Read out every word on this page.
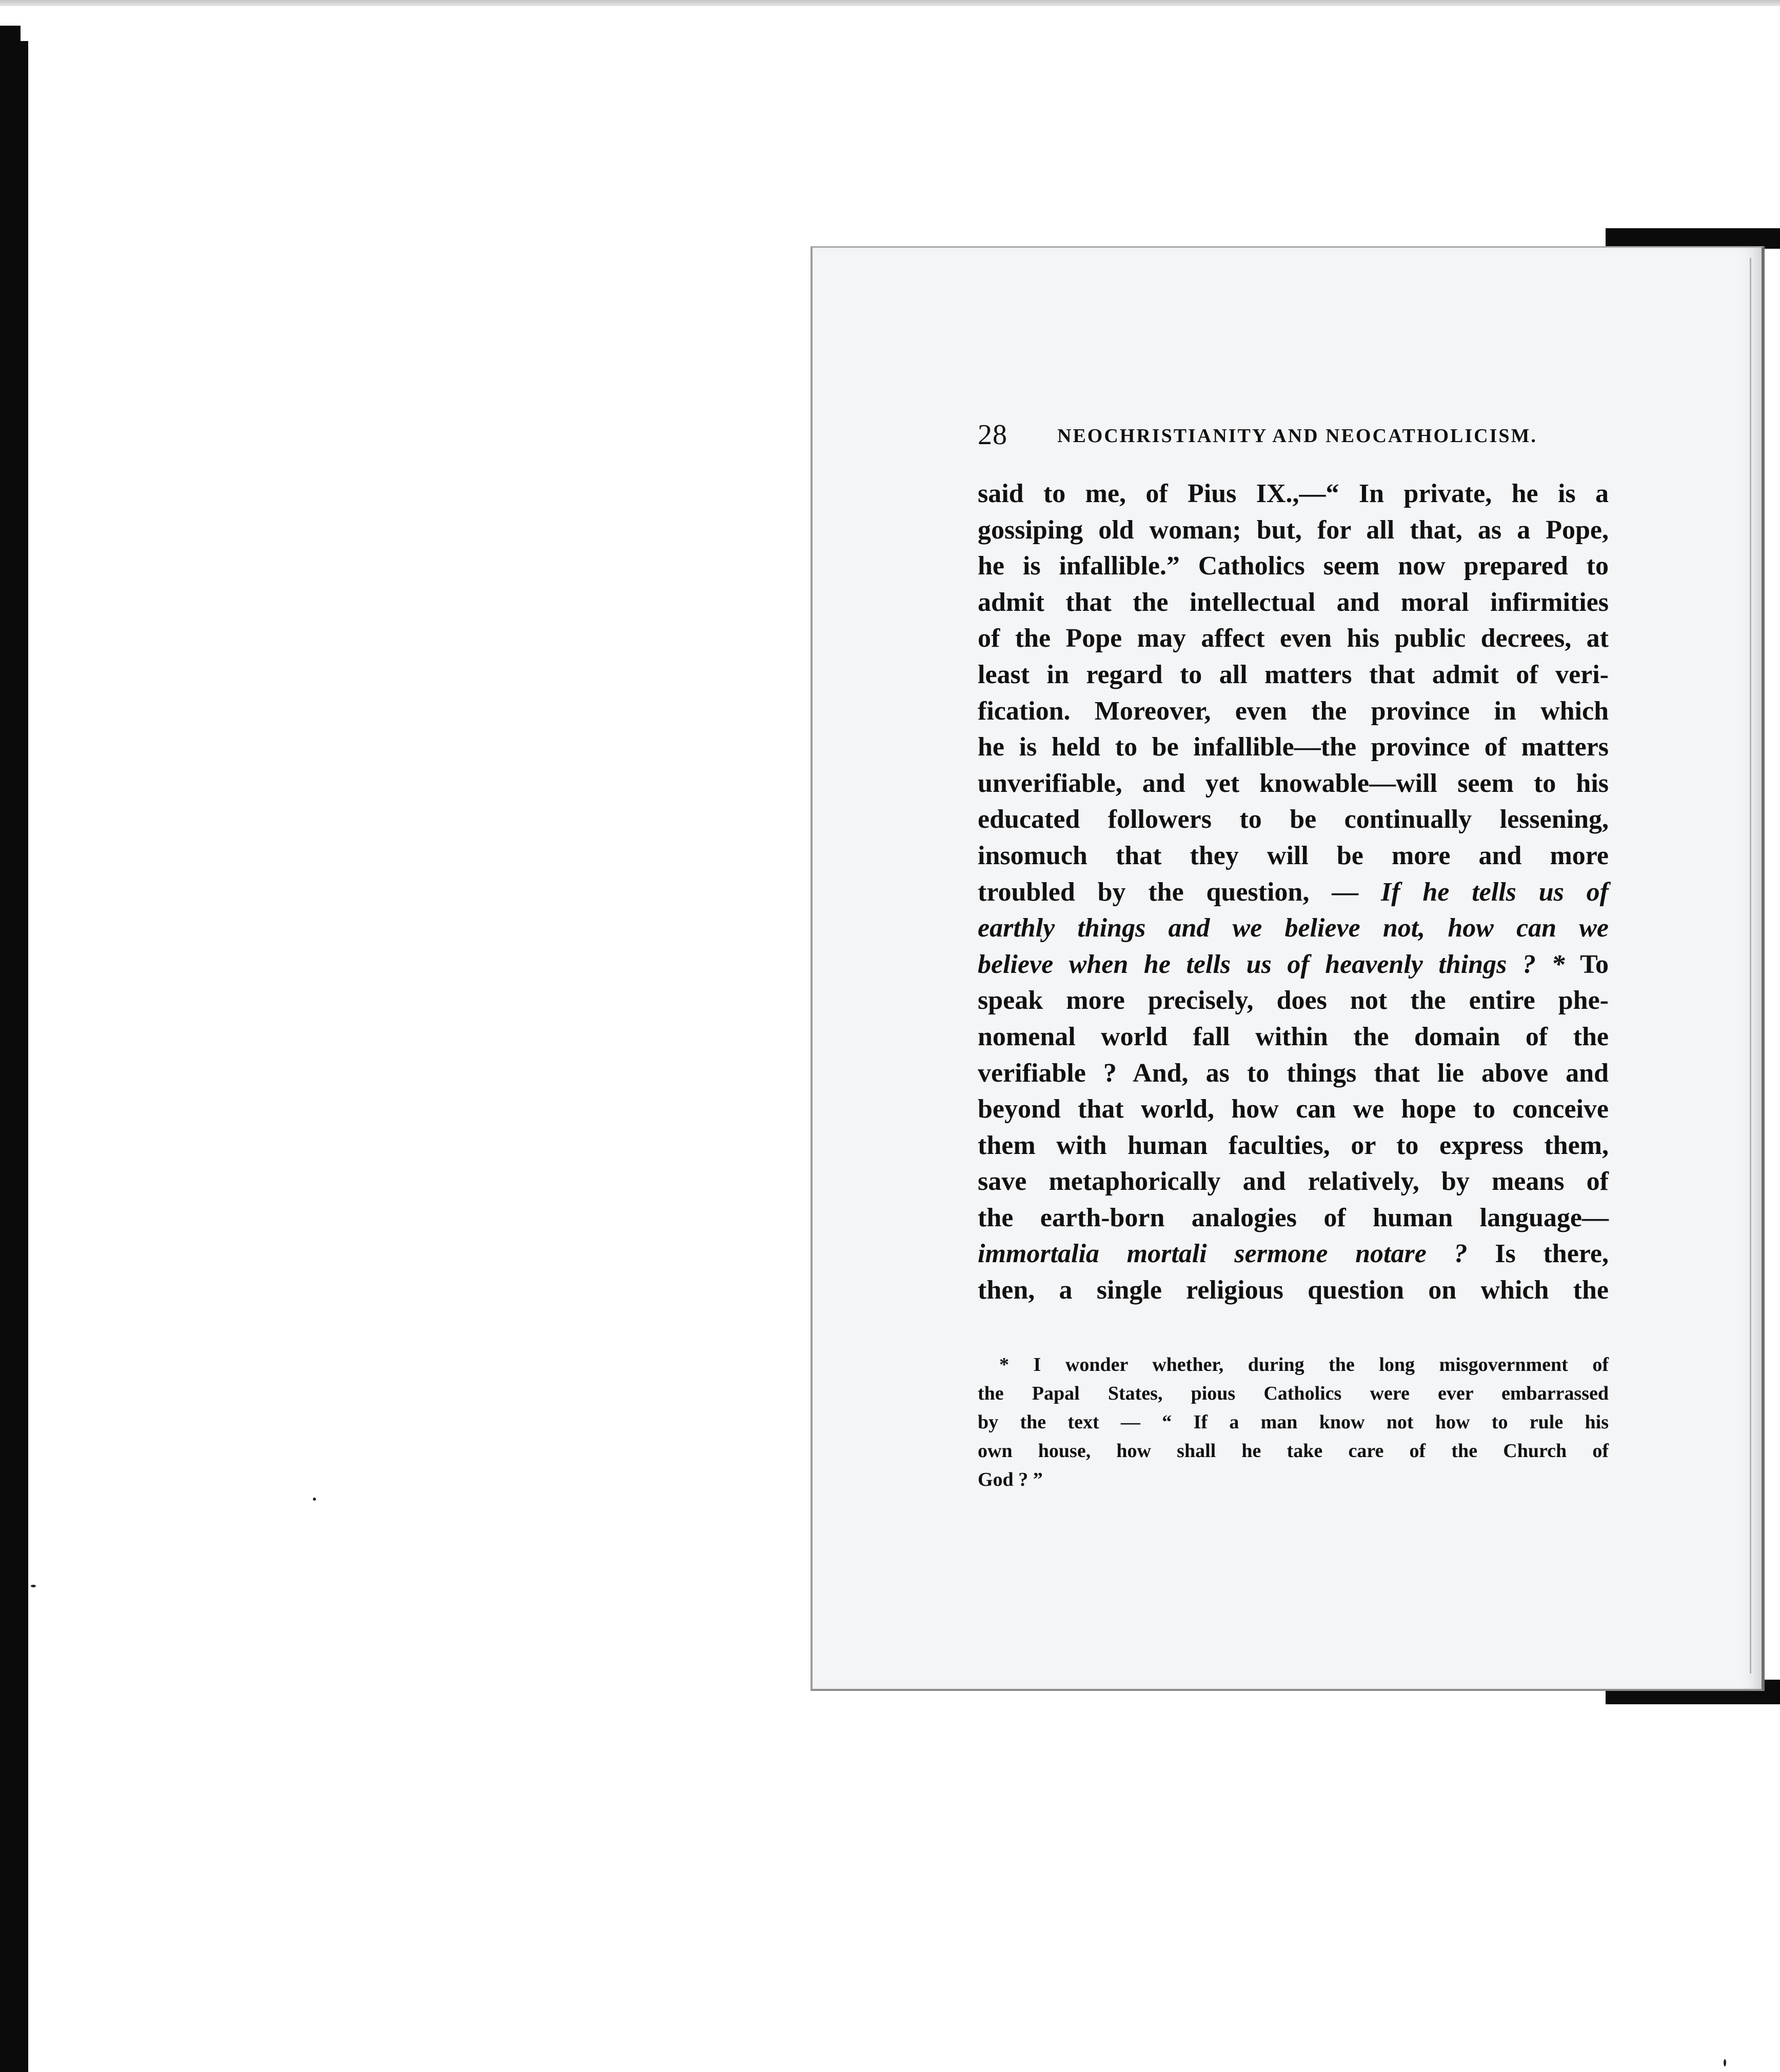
28	NEOCHRISTIANITY AND NEOCATHOLICISM.
said to me, of Pius IX.,—“ In private, he is a
gossiping old woman; but, for all that, as a Pope,
he is infallible.” Catholics seem now prepared to
admit that the intellectual and moral infirmities
of the Pope may affect even his public decrees, at
least in regard to all matters that admit of veri-
fication. Moreover, even the province in which
he is held to be infallible—the province of matters
unverifiable, and yet knowable—will seem to his
educated followers to be continually lessening,
insomuch that they will be more and more
troubled by the question, — If he tells us of
earthly things and we believe not, how can we
believe when he tells us of heavenly things ? * To
speak more precisely, does not the entire phe-
nomenal world fall within the domain of the
verifiable ? And, as to things that lie above and
beyond that world, how can we hope to conceive
them with human faculties, or to express them,
save metaphorically and relatively, by means of
the earth-born analogies of human language—
immortalia mortali sermone notare ? Is there,
then, a single religious question on which the
* I wonder whether, during the long misgovernment of
the Papal States, pious Catholics were ever embarrassed
by the text — “ If a man know not how to rule his
own house, how shall he take care of the Church of
God ? ”
